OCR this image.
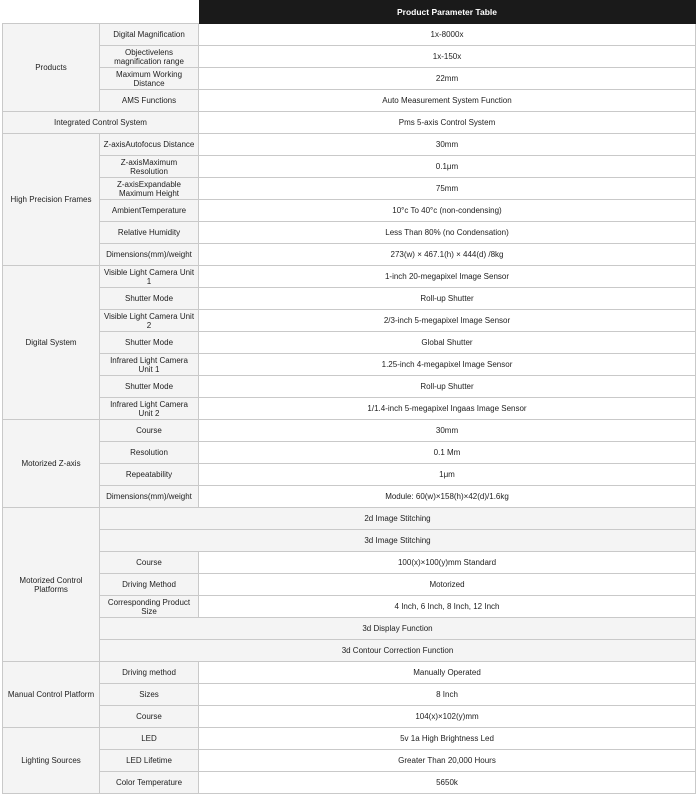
		Product Parameter Table
Products	Digital Magnification	1x-8000x
	Objectivelens magnification range	1x-150x
	Maximum Working Distance	22mm
	AMS Functions	Auto Measurement System Function
Integrated Control System		Pms 5-axis Control System
High Precision Frames	Z-axisAutofocus Distance	30mm
	Z-axisMaximum Resolution	0.1μm
	Z-axisExpandable Maximum Height	75mm
	AmbientTemperature	10°c To 40°c (non-condensing)
	Relative Humidity	Less Than 80% (no Condensation)
	Dimensions(mm)/weight	273(w) × 467.1(h) × 444(d) /8kg
Digital System	Visible Light Camera Unit 1	1-inch 20-megapixel Image Sensor
	Shutter Mode	Roll-up Shutter
	Visible Light Camera Unit 2	2/3-inch 5-megapixel Image Sensor
	Shutter Mode	Global Shutter
	Infrared Light Camera Unit 1	1.25-inch 4-megapixel Image Sensor
	Shutter Mode	Roll-up Shutter
	Infrared Light Camera Unit 2	1/1.4-inch 5-megapixel Ingaas Image Sensor
Motorized Z-axis	Course	30mm
	Resolution	0.1 Mm
	Repeatability	1μm
	Dimensions(mm)/weight	Module: 60(w)×158(h)×42(d)/1.6kg
Motorized Control Platforms	2d Image Stitching	
	3d Image Stitching	
	Course	100(x)×100(y)mm Standard
	Driving Method	Motorized
	Corresponding Product Size	4 Inch, 6 Inch, 8 Inch, 12 Inch
	3d Display Function	
	3d Contour Correction Function	
Manual Control Platform	Driving method	Manually Operated
	Sizes	8 Inch
	Course	104(x)×102(y)mm
Lighting Sources	LED	5v 1a High Brightness Led
	LED Lifetime	Greater Than 20,000 Hours
	Color Temperature	5650k
